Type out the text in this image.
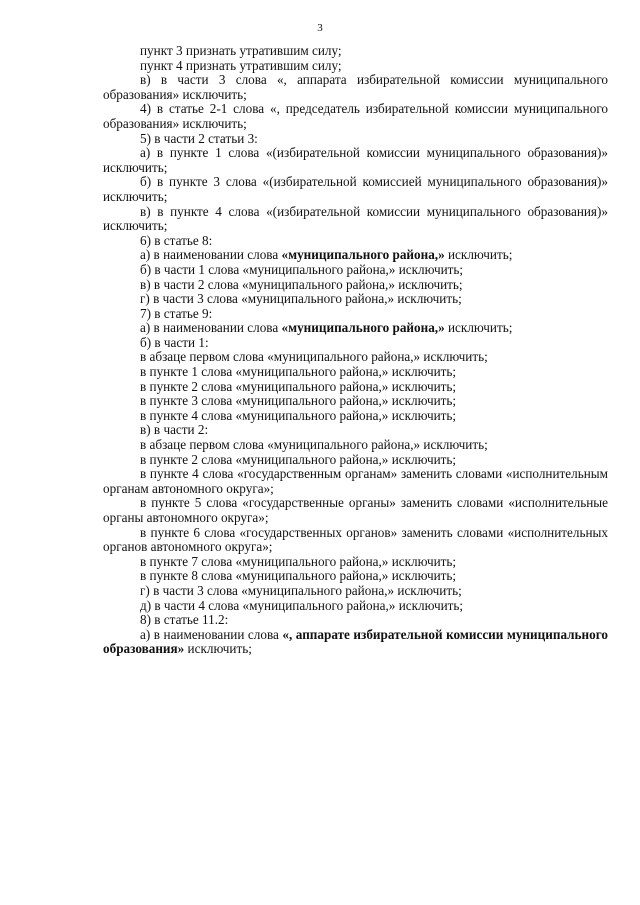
3

пункт 3 признать утратившим силу;

пункт 4 признать утратившим силу;

в) в части 3 слова «, аппарата избирательной комиссии муниципального образования» исключить;

4) в статье 2-1 слова «, председатель избирательной комиссии муниципального образования» исключить;

5) в части 2 статьи 3:

а) в пункте 1 слова «(избирательной комиссии муниципального образования)» исключить;

б) в пункте 3 слова «(избирательной комиссией муниципального образования)» исключить;

в) в пункте 4 слова «(избирательной комиссии муниципального образования)» исключить;

6) в статье 8:

а) в наименовании слова «муниципального района,» исключить;

б) в части 1 слова «муниципального района,» исключить;

в) в части 2 слова «муниципального района,» исключить;

г) в части 3 слова «муниципального района,» исключить;

7) в статье 9:

а) в наименовании слова «муниципального района,» исключить;

б) в части 1:

в абзаце первом слова «муниципального района,» исключить;

в пункте 1 слова «муниципального района,» исключить;

в пункте 2 слова «муниципального района,» исключить;

в пункте 3 слова «муниципального района,» исключить;

в пункте 4 слова «муниципального района,» исключить;

в) в части 2:

в абзаце первом слова «муниципального района,» исключить;

в пункте 2 слова «муниципального района,» исключить;

в пункте 4 слова «государственным органам» заменить словами «исполнительным органам автономного округа»;

в пункте 5 слова «государственные органы» заменить словами «исполнительные органы автономного округа»;

в пункте 6 слова «государственных органов» заменить словами «исполнительных органов автономного округа»;

в пункте 7 слова «муниципального района,» исключить;

в пункте 8 слова «муниципального района,» исключить;

г) в части 3 слова «муниципального района,» исключить;

д) в части 4 слова «муниципального района,» исключить;

8) в статье 11.2:

а) в наименовании слова «, аппарате избирательной комиссии муниципального образования» исключить;
